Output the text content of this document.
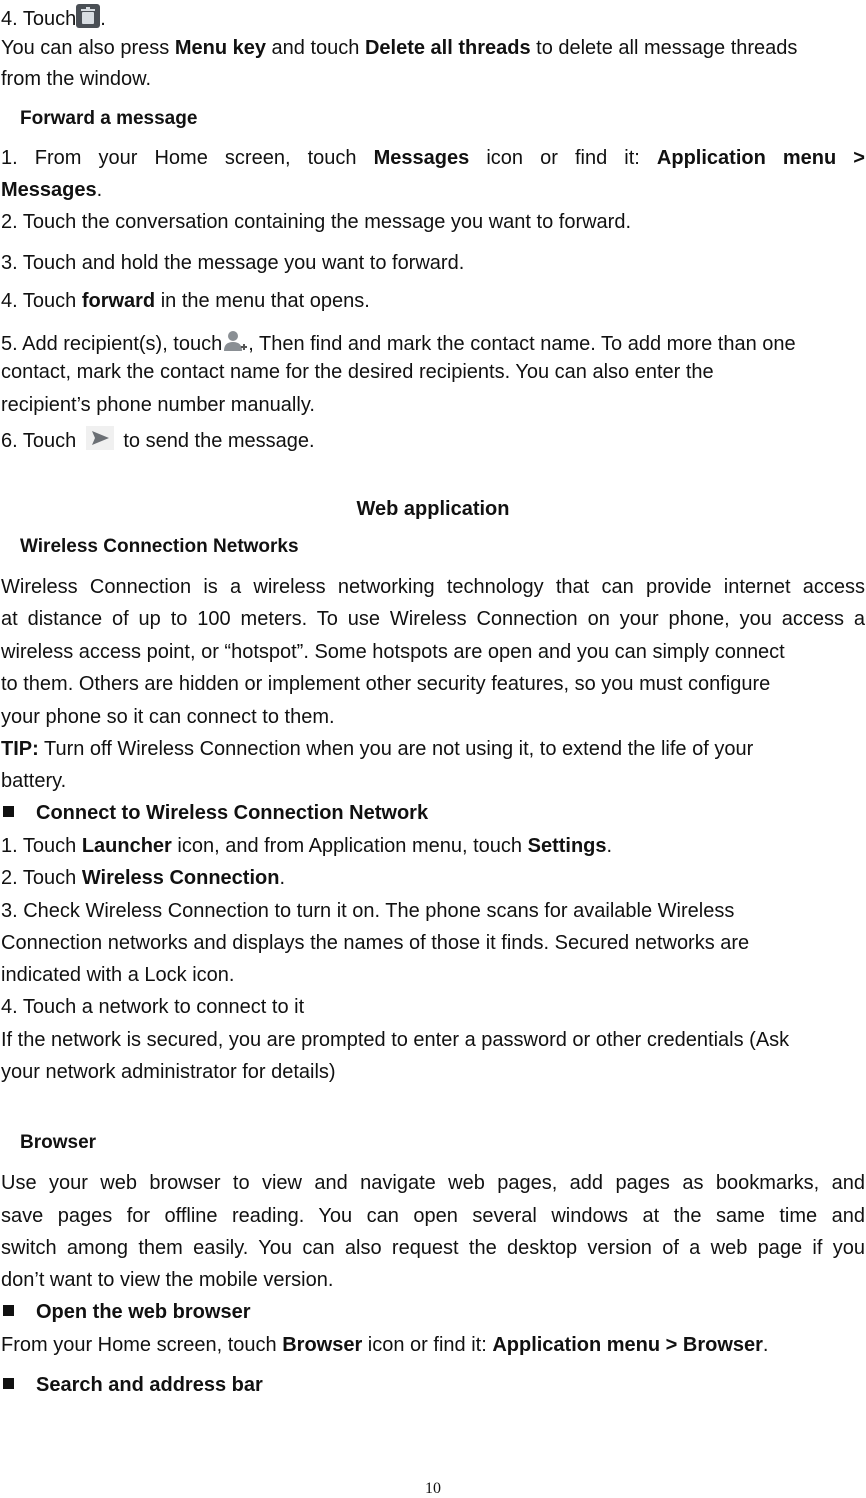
4. Touch .
You can also press Menu key and touch Delete all threads to delete all message threads
from the window.
Forward a message
1. From your Home screen, touch Messages icon or find it: Application menu >
Messages.
2. Touch the conversation containing the message you want to forward.
3. Touch and hold the message you want to forward.
4. Touch forward in the menu that opens.
5. Add recipient(s), touch , Then find and mark the contact name. To add more than one
contact, mark the contact name for the desired recipients. You can also enter the
recipient’s phone number manually.
6. Touch  to send the message.
Web application
Wireless Connection Networks
Wireless Connection is a wireless networking technology that can provide internet access
at distance of up to 100 meters. To use Wireless Connection on your phone, you access a
wireless access point, or “hotspot”. Some hotspots are open and you can simply connect
to them. Others are hidden or implement other security features, so you must configure
your phone so it can connect to them.
TIP: Turn off Wireless Connection when you are not using it, to extend the life of your
battery.
Connect to Wireless Connection Network
1. Touch Launcher icon, and from Application menu, touch Settings.
2. Touch Wireless Connection.
3. Check Wireless Connection to turn it on. The phone scans for available Wireless
Connection networks and displays the names of those it finds. Secured networks are
indicated with a Lock icon.
4. Touch a network to connect to it
If the network is secured, you are prompted to enter a password or other credentials (Ask
your network administrator for details)
Browser
Use your web browser to view and navigate web pages, add pages as bookmarks, and
save pages for offline reading. You can open several windows at the same time and
switch among them easily. You can also request the desktop version of a web page if you
don’t want to view the mobile version.
Open the web browser
From your Home screen, touch Browser icon or find it: Application menu > Browser.
Search and address bar
10
